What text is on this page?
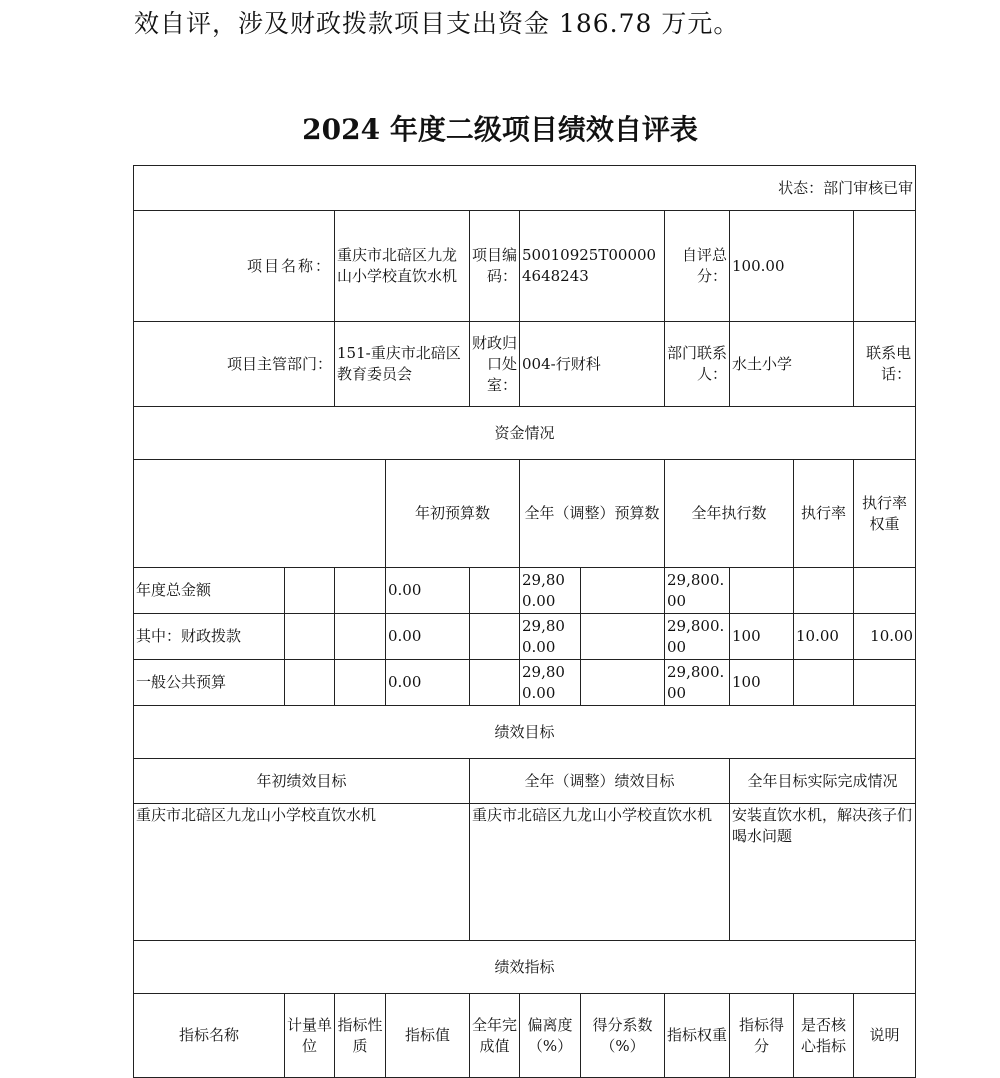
效自评，涉及财政拨款项目支出资金 186.78 万元。
2024 年度二级项目绩效自评表
状态：部门审核已审											
项目名称：		重庆市北碚区九龙山小学校直饮水机		项目编码：	50010925T000004648243		自评总分：	100.00			
项目主管部门：		151-重庆市北碚区教育委员会		财政归口处室：	004-行财科		部门联系人：	水土小学		联系电话：	
资金情况											
			年初预算数		全年（调整）预算数		全年执行数		执行率	执行率权重	
年度总金额			0.00		29,800.00		29,800.00				
其中：财政拨款			0.00		29,800.00		29,800.00	100	10.00	10.00	
一般公共预算			0.00		29,800.00		29,800.00	100			
绩效目标											
年初绩效目标				全年（调整）绩效目标				全年目标实际完成情况			
重庆市北碚区九龙山小学校直饮水机				重庆市北碚区九龙山小学校直饮水机				安装直饮水机，解决孩子们喝水问题			
绩效指标											
指标名称	计量单位	指标性质	指标值	全年完成值	偏离度（%）	得分系数（%）	指标权重	指标得分	是否核心指标	说明	
